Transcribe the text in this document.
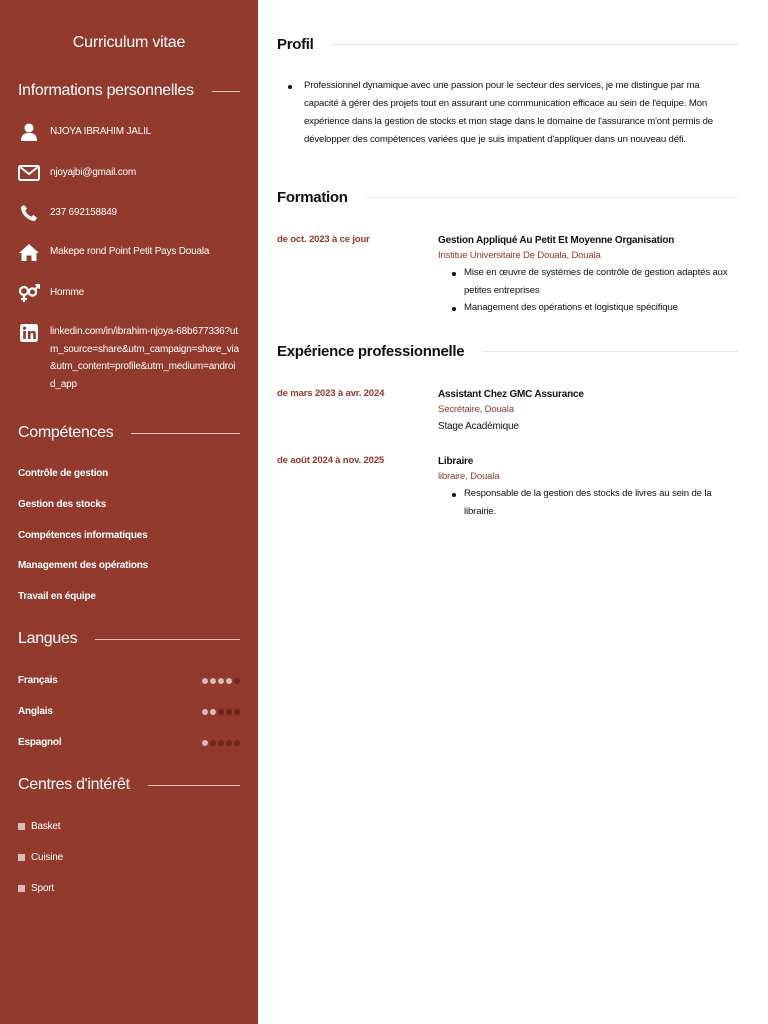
Curriculum vitae
Informations personnelles
NJOYA IBRAHIM JALIL
njoyajbi@gmail.com
237 692158849
Makepe rond Point Petit Pays Douala
Homme
linkedin.com/in/ibrahim-njoya-68b677336?utm_source=share&utm_campaign=share_via&utm_content=profile&utm_medium=android_app
Compétences
Contrôle de gestion
Gestion des stocks
Compétences informatiques
Management des opérations
Travail en équipe
Langues
Français
Anglais
Espagnol
Centres d'intérêt
Basket
Cuisine
Sport
Profil
Professionnel dynamique avec une passion pour le secteur des services, je me distingue par ma capacité à gérer des projets tout en assurant une communication efficace au sein de l'équipe. Mon expérience dans la gestion de stocks et mon stage dans le domaine de l'assurance m'ont permis de développer des compétences variées que je suis impatient d'appliquer dans un nouveau défi.
Formation
de oct. 2023 à ce jour	Gestion Appliqué Au Petit Et Moyenne Organisation
Institue Universitaire De Douala, Douala
Mise en œuvre de systèmes de contrôle de gestion adaptés aux petites entreprises
Management des opérations et logistique spécifique
Expérience professionnelle
de mars 2023 à avr. 2024	Assistant Chez GMC Assurance
Secrétaire, Douala
Stage Académique
de août 2024 à nov. 2025	Libraire
libraire, Douala
Responsable de la gestion des stocks de livres au sein de la librairie.
